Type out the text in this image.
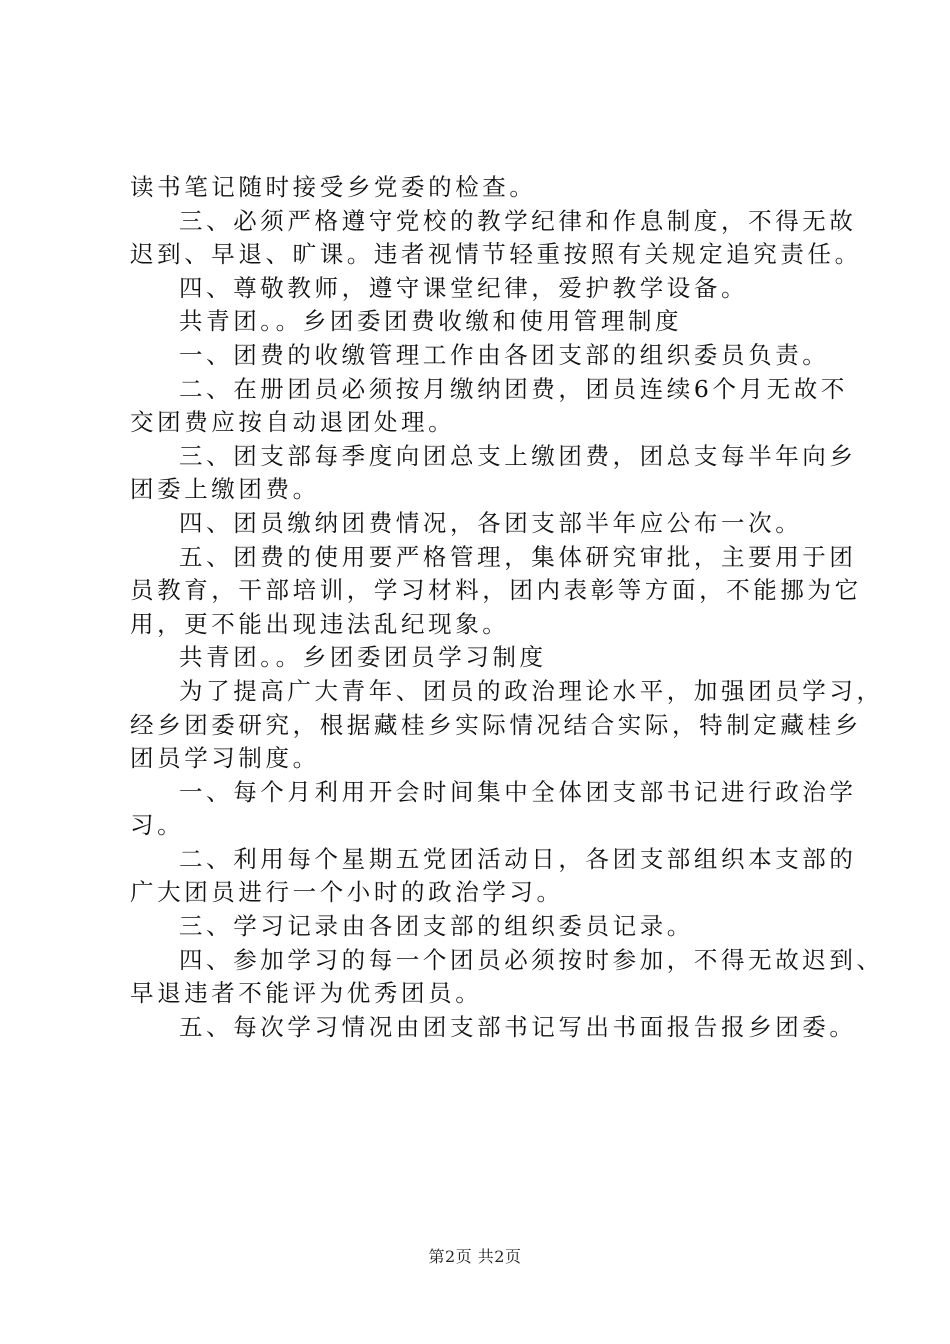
读书笔记随时接受乡党委的检查。
三、必须严格遵守党校的教学纪律和作息制度，不得无故
迟到、早退、旷课。违者视情节轻重按照有关规定追究责任。
四、尊敬教师，遵守课堂纪律，爱护教学设备。
共青团。。乡团委团费收缴和使用管理制度
一、团费的收缴管理工作由各团支部的组织委员负责。
二、在册团员必须按月缴纳团费，团员连续6个月无故不
交团费应按自动退团处理。
三、团支部每季度向团总支上缴团费，团总支每半年向乡
团委上缴团费。
四、团员缴纳团费情况，各团支部半年应公布一次。
五、团费的使用要严格管理，集体研究审批，主要用于团
员教育，干部培训，学习材料，团内表彰等方面，不能挪为它
用，更不能出现违法乱纪现象。
共青团。。乡团委团员学习制度
为了提高广大青年、团员的政治理论水平，加强团员学习，
经乡团委研究，根据藏桂乡实际情况结合实际，特制定藏桂乡
团员学习制度。
一、每个月利用开会时间集中全体团支部书记进行政治学
习。
二、利用每个星期五党团活动日，各团支部组织本支部的
广大团员进行一个小时的政治学习。
三、学习记录由各团支部的组织委员记录。
四、参加学习的每一个团员必须按时参加，不得无故迟到、
早退违者不能评为优秀团员。
五、每次学习情况由团支部书记写出书面报告报乡团委。
第2页 共2页
